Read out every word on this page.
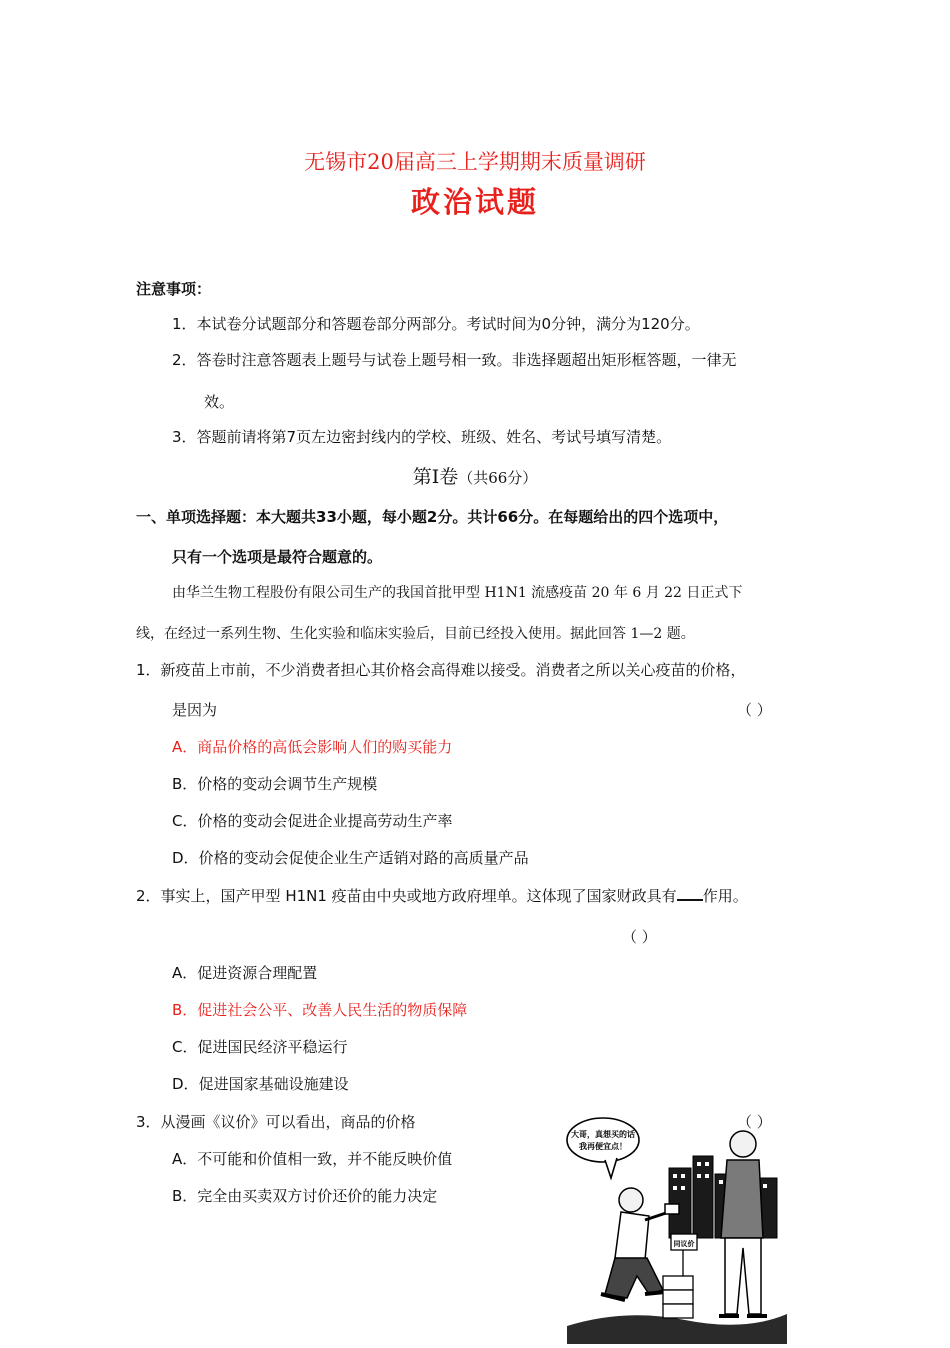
无锡市20届高三上学期期末质量调研
政治试题
注意事项：
1．本试卷分试题部分和答题卷部分两部分。考试时间为0分钟，满分为120分。
2．答卷时注意答题表上题号与试卷上题号相一致。非选择题超出矩形框答题，一律无
效。
3．答题前请将第7页左边密封线内的学校、班级、姓名、考试号填写清楚。
第Ⅰ卷（共66分）
一、单项选择题：本大题共33小题，每小题2分。共计66分。在每题给出的四个选项中，
只有一个选项是最符合题意的。
由华兰生物工程股份有限公司生产的我国首批甲型 H1N1 流感疫苗 20 年 6 月 22 日正式下
线，在经过一系列生物、生化实验和临床实验后，目前已经投入使用。据此回答 1—2 题。
1．新疫苗上市前，不少消费者担心其价格会高得难以接受。消费者之所以关心疫苗的价格，
是因为	（ ）
A．商品价格的高低会影响人们的购买能力
B．价格的变动会调节生产规模
C．价格的变动会促进企业提高劳动生产率
D．价格的变动会促使企业生产适销对路的高质量产品
2．事实上，国产甲型 H1N1 疫苗由中央或地方政府埋单。这体现了国家财政具有 作用。
（ ）
A．促进资源合理配置
B．促进社会公平、改善人民生活的物质保障
C．促进国民经济平稳运行
D．促进国家基础设施建设
3．从漫画《议价》可以看出，商品的价格	（ ）
A．不可能和价值相一致，并不能反映价值
B．完全由买卖双方讨价还价的能力决定
大哥，真想买的话
我再便宜点！
同议价
